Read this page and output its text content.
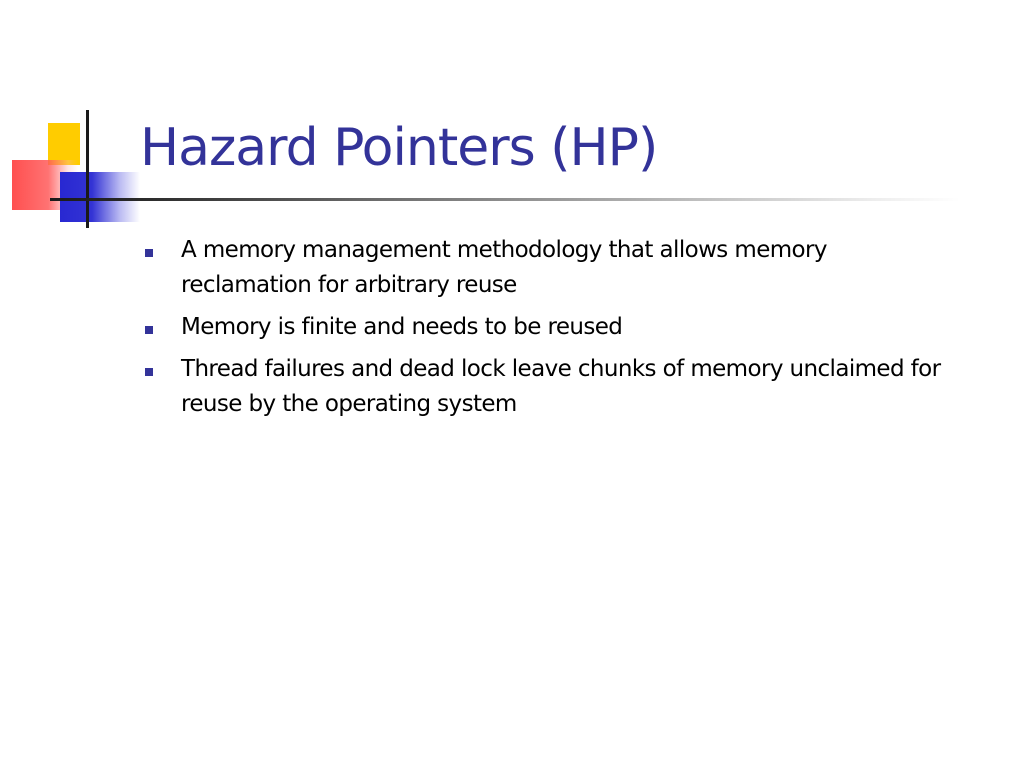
Hazard Pointers (HP)
A memory management methodology that allows memory reclamation for arbitrary reuse
Memory is finite and needs to be reused
Thread failures and dead lock leave chunks of memory unclaimed for reuse by the operating system
